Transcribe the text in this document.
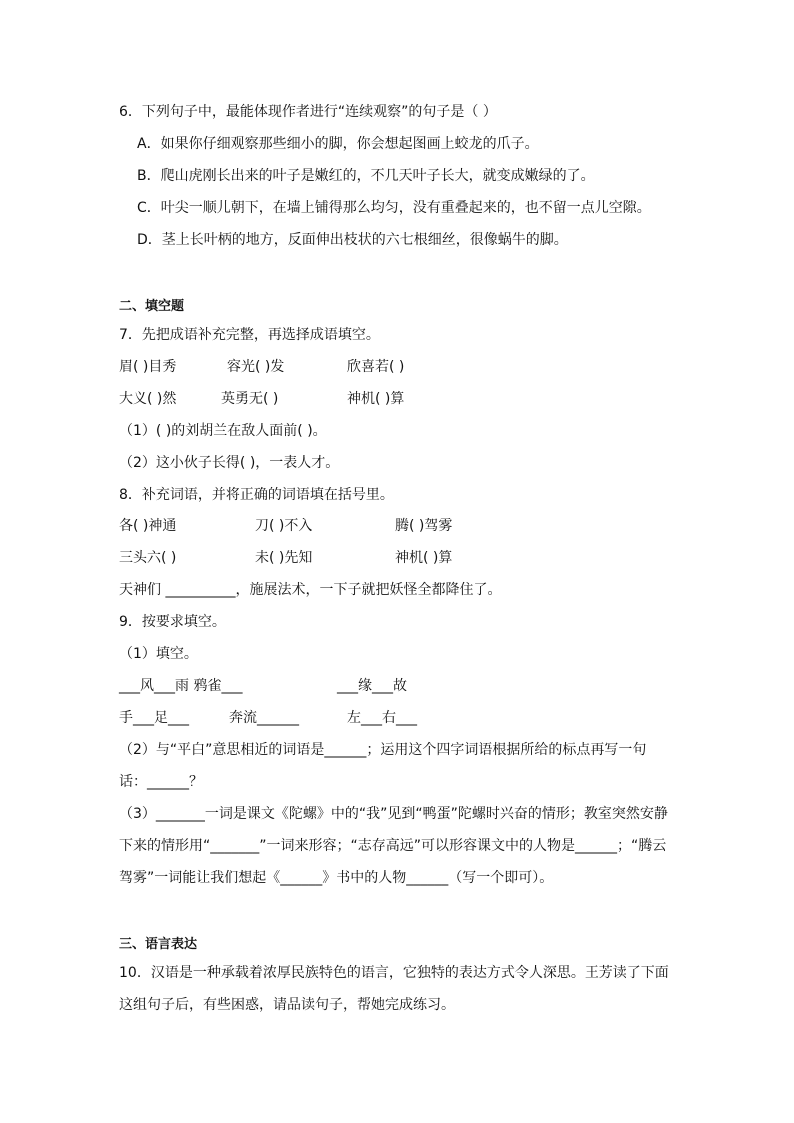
6．下列句子中，最能体现作者进行“连续观察”的句子是（ ）
A．如果你仔细观察那些细小的脚，你会想起图画上蛟龙的爪子。
B．爬山虎刚长出来的叶子是嫩红的，不几天叶子长大，就变成嫩绿的了。
C．叶尖一顺儿朝下，在墙上铺得那么均匀，没有重叠起来的，也不留一点儿空隙。
D．茎上长叶柄的地方，反面伸出枝状的六七根细丝，很像蜗牛的脚。
二、填空题
7．先把成语补充完整，再选择成语填空。
眉( )目秀	容光( )发	欣喜若( )
大义( )然	英勇无( )	神机( )算
（1）( )的刘胡兰在敌人面前( )。
（2）这小伙子长得( )，一表人才。
8．补充词语，并将正确的词语填在括号里。
各( )神通	刀( )不入	腾( )驾雾
三头六( )	未( )先知	神机( )算
天神们 __________，施展法术，一下子就把妖怪全都降住了。
9．按要求填空。
（1）填空。
___风___雨 鸦雀___	___缘___故
手___足___	奔流______	左___右___
（2）与“平白”意思相近的词语是______；运用这个四字词语根据所给的标点再写一句
话：______？
（3）_______一词是课文《陀螺》中的“我”见到“鸭蛋”陀螺时兴奋的情形；教室突然安静
下来的情形用“_______”一词来形容；“志存高远”可以形容课文中的人物是______；“腾云
驾雾”一词能让我们想起《______》书中的人物______（写一个即可）。
三、语言表达
10．汉语是一种承载着浓厚民族特色的语言，它独特的表达方式令人深思。王芳读了下面
这组句子后，有些困惑，请品读句子，帮她完成练习。
